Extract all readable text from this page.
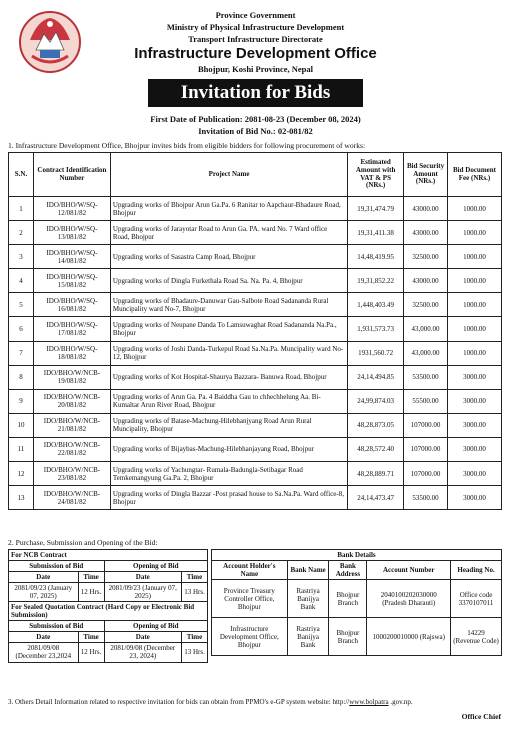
Province Government
Ministry of Physical Infrastructure Development
Transport Infrastructure Directorate
Infrastructure Development Office
Bhojpur, Koshi Province, Nepal
Invitation for Bids
First Date of Publication: 2081-08-23 (December 08, 2024)
Invitation of Bid No.: 02-081/82
1. Infrastructure Development Office, Bhojpur invites bids from eligible bidders for following procurement of works:
S.N.	Contract Identification Number	Project Name	Estimated Amount with VAT & PS (NRs.)	Bid Security Amount (NRs.)	Bid Document Fee (NRs.)
1	IDO/BHO/W/SQ-12/081/82	Upgrading works of Bhojpur Arun Ga.Pa. 6 Ranitar to Aapchaur-Bhadaure Road, Bhojpur	19,31,474.79	43000.00	1000.00
2	IDO/BHO/W/SQ-13/081/82	Upgrading works of Jarayotar Road to Arun Ga. PA. ward No. 7 Ward office Road, Bhojpur	19,31,411.38	43000.00	1000.00
3	IDO/BHO/W/SQ-14/081/82	Upgrading works of Sasastra Camp Road, Bhojpur	14,48,419.95	32500.00	1000.00
4	IDO/BHO/W/SQ-15/081/82	Upgrading works of Dingla Furkethala Road Sa. Na. Pa. 4, Bhojpur	19,31,852.22	43000.00	1000.00
5	IDO/BHO/W/SQ-16/081/82	Upgrading works of Bhadaure-Danuwar Gau-Salbote Road Sadananda Rural Muncipality ward No-7, Bhojpur	1,448,403.49	32500.00	1000.00
6	IDO/BHO/W/SQ-17/081/82	Upgrading works of Neupane Danda To Lamsuwaghat Road Sadananda Na.Pa., Bhojpur	1,931,573.73	43,000.00	1000.00
7	IDO/BHO/W/SQ-18/081/82	Upgrading works of Joshi Danda-Turkepul Road Sa.Na.Pa. Muncipality ward No-12, Bhojpur	1931,560.72	43,000.00	1000.00
8	IDO/BHO/W/NCB-19/081/82	Upgrading works of Kot Hospital-Shaurya Bazzara- Banuwa Road, Bhojpur	24,14,494.85	53500.00	3000.00
9	IDO/BHO/W/NCB-20/081/82	Upgrading works of Arun Ga. Pa. 4 Baiddha Gau to chhechhelung Aa. Bi- Kumaltar Arun River Road, Bhojpur	24,99,874.03	55500.00	3000.00
10	IDO/BHO/W/NCB-21/081/82	Upgrading works of Batase-Machung-Hilebhanjyang Road Arun Rural Muncipality, Bhojpur	48,28,873.05	107000.00	3000.00
11	IDO/BHO/W/NCB-22/081/82	Upgrading works of Bijaybas-Machung-Hilebhanjayang Road, Bhojpur	48,28,572.40	107000.00	3000.00
12	IDO/BHO/W/NCB-23/081/82	Upgrading works of Yachungtar- Rumala-Badungla-Setibagar Road Temkemangyung Ga.Pa. 2, Bhojpur	48,28,889.71	107000.00	3000.00
13	IDO/BHO/W/NCB-24/081/82	Upgrading works of Dingla Bazzar -Post prasad house to Sa.Na.Pa. Ward office-8, Bhojpur	24,14,473.47	53500.00	3000.00
2. Purchase, Submission and Opening of the Bid:
For NCB Contract			
Submission of Bid		Opening of Bid	
Date	Time	Date	Time
2081/09/23 (January 07, 2025)	12 Hrs.	2081/09/23 (January 07, 2025)	13 Hrs.
For Sealed Quotation Contract (Hard Copy or Electronic Bid Submission)			
Submission of Bid		Opening of Bid	
Date	Time	Date	Time
2081/09/08 (December 23,2024	12 Hrs.	2081/09/08 (December 23, 2024)	13 Hrs.
Bank Details				
Account Holder's Name	Bank Name	Bank Address	Account Number	Heading No.
Province Treasury Controller Office, Bhojpur	Rastriya Banijya Bank	Bhojpur Branch	2040100202030000 (Pradesh Dharauti)	Office code 3370107011
Infrastructure Development Office, Bhojpur	Rastriya Banijya Bank	Bhojpur Branch	1000200010000 (Rajswa)	14229 (Revenue Code)
3. Others Detail Information related to respective invitation for bids can obtain from PPMO's e-GP system website: http://www.bolpatra .gov.np.
Office Chief
